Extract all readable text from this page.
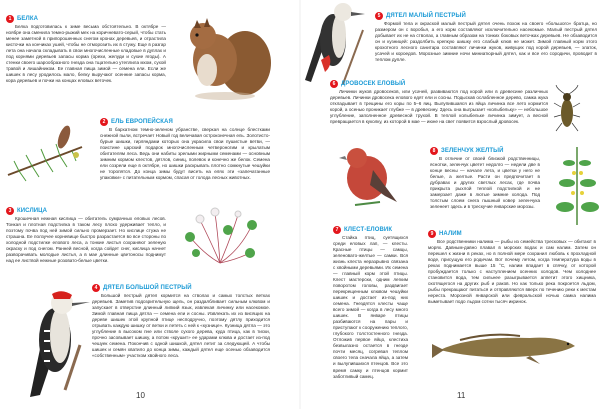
1 БЕЛКА
Белка подготовилась к зиме весьма обстоятельно. В октябре — ноябре она сменила темно-рыжий мех на коричневато-серый, чтобы стать менее заметной в припорошенных снегом кронах деревьев, и отрастила кисточки на кончиках ушей, чтобы не отморозить их в стужу. Еще в разгар лета она начала складывать в свои многочисленные кладовые в дуплах и под корнями деревьев запасы корма (орехи, желуди и сухие ягоды). А стенки своего шарообразного гнезда она тщательно утеплила мхом, сухой травой и лишайником. Ее главная пища зимой — семена ели. Если же шишек в лесу уродилось мало, белку выручают осенние запасы корма, кора деревьев и почки на концах еловых веточек.
2 ЕЛЬ ЕВРОПЕЙСКАЯ
В бархатном темно-зеленом убранстве, сверкая на солнце блестками снежной пыли, встречает Новый год величавая остроконечная ель. Золотисто-бурые шишки, гирляндами которых она украсила свои пушистые ветви, — поистине царский подарок многочисленным четвероногим и крылатым обитателям леса. Ведь они набиты зрелыми жирными семенами — основным зимним кормом клестов, дятлов, синиц, полевок и конечно же белок. Семена ели созрели еще в октябре, но шишки раскрывать плотно сомкнутые чешуйки не торопятся. До конца зимы будут висеть на елях эти «запечатанные упаковки» с питательным кормом, спасая от голода лесных животных.
3 КИСЛИЦА
Крошечная нежная кислица — обитатель сумрачных еловых лесов. Тонкая и плотная подстилка в таком лесу плохо удерживает тепло, и поэтому почва под ней зимой сильно промерзает. Но кислице стужа не страшна. Ее ползучее корневище быстро разрастается во все стороны по холодной подстилке елового леса, а тонкие листья сохраняют зеленую окраску и под снегом. Ранней весной, когда сойдет снег, кислица начнет разворачивать молодые листья, а в мае длинные цветоносы поднимут над ее листвой нежные розовато-белые цветки.
4 ДЯТЕЛ БОЛЬШОЙ ПЕСТРЫЙ
Большой пестрый дятел кормится на стволах и самых толстых ветках деревьев. Заметив подозрительную щель, он раздалбливает сильным клювом и запускает в отверстие длинный липкий язык, извлекая личинку или насекомое. Зимой главная пища дятла — семена ели и сосны. Извлекать их из висящих на дереве шишек этой крупной птице несподручно, поэтому дятлу приходится отрывать каждую шишку от ветки и лететь с ней к «кузнице». Кузница дятла — это углубление в высоком пне или стволе сухого дерева, куда птица, как в тиски, прочно засовывает шишку, а потом «крушит» ее ударами клюва и достает из-под чешуек семена. Покончив с одной шишкой, дятел летит за следующей. А чтобы шишек и семян хватило до конца зимы, каждый дятел еще осенью обзаводится «собственным» участком хвойного леса.
5 ДЯТЕЛ МАЛЫЙ ПЕСТРЫЙ
Формой тела и окраской малый пестрый дятел очень похож на своего «большого» братца, но размером он с воробья, а его корм составляют исключительно насекомые. Малый пестрый дятел добывает их не на стволах, а главным образом на тонких боковых веточках деревьев. Не обзаводится он и кузницей: раздолбить крепкую шишку его слабый клюв не может. Зимой главный корм этого крохотного лесного санитара составляют личинки жуков, живущих под корой деревьев, — златок, усачей и короедов. Морозные зимние ночи миниатюрный дятел, как и все его сородичи, проводит в теплом дупле.
6 ДРОВОСЕК ЕЛОВЫЙ
Личинки жуков дровосеков, или усачей, развиваются под корой или в древесине различных деревьев. Личинки дровосека елового едят ели и сосны. Подыскав ослабленное дерево, самка жука откладывает в трещины его коры по 5–6 яиц. Вылупившаяся из яйца личинка все лето кормится корой, а осенью проникает глубже — в древесину. Здесь она выгрызает «колыбельку» — небольшое углубление, заполненное древесной трухой. В теплой колыбельке личинка зимует, а весной превращается в куколку, из которой в мае — июне на свет появится взрослый дровосек.
7 КЛЕСТ-ЕЛОВИК
Стайка птиц, суетящихся среди еловых лап, — клесты. Красные птицы — самцы, зеленовато-желтые — самки. Вся жизнь клеста неразрывно связана с хвойными деревьями. Их семена — главный корм этой птицы. Клест мастерски, одним легким поворотом головы, раздвигает перекрещенным клювом чешуйки шишек и достает из-под них семена. Гнездятся клесты чаще всего зимой — когда в лесу много шишек. В январе птицы разбиваются на пары и приступают к сооружению теплого, глубокого толстостенного гнезда. Отложив первое яйцо, клестиха безвылазно остается в гнезде почти месяц, согревая теплом своего тела сначала яйца, а затем и вылупившихся птенцов. Все это время самку и птенцов кормит заботливый самец.
8 ЗЕЛЕНЧУК ЖЕЛТЫЙ
В отличие от своей близкой родственницы, яснотки, зеленчук цветет недолго — недели две в конце весны — начале лета, и цветки у него не белые, а желтые. Расти он предпочитает в дубравах и других светлых лесах, где почва прикрыта рыхлой теплой подстилкой и не замерзает даже в лютые зимние холода. Под толстым слоем снега пышный ковер зеленчука зеленеет здесь и в трескучие январские морозы.
9 НАЛИМ
Все родственники налима — рыбы из семейства тресковых — обитают в морях. Давным-давно плавал в морских водах и сам налим. Затем он перешел к жизни в реках, но в полной мере сохранил любовь к прохладной воде, присущую его родичам. Вот почему летом, когда температура воды в реках поднимается выше 15 °С, налим впадает в спячку, от которой пробуждается только с наступлением осенних холодов. Чем холоднее становится вода, тем сильнее разыгрывается аппетит этого хищника, охотящегося на других рыб и раков. Но как только река покроется льдом, рыбы прекращают питаться и отправляются вверх по течению реки к местам нереста. Морозной январской или февральской ночью самка налима выметывает подо льдом сотни тысяч икринок.
10	11
